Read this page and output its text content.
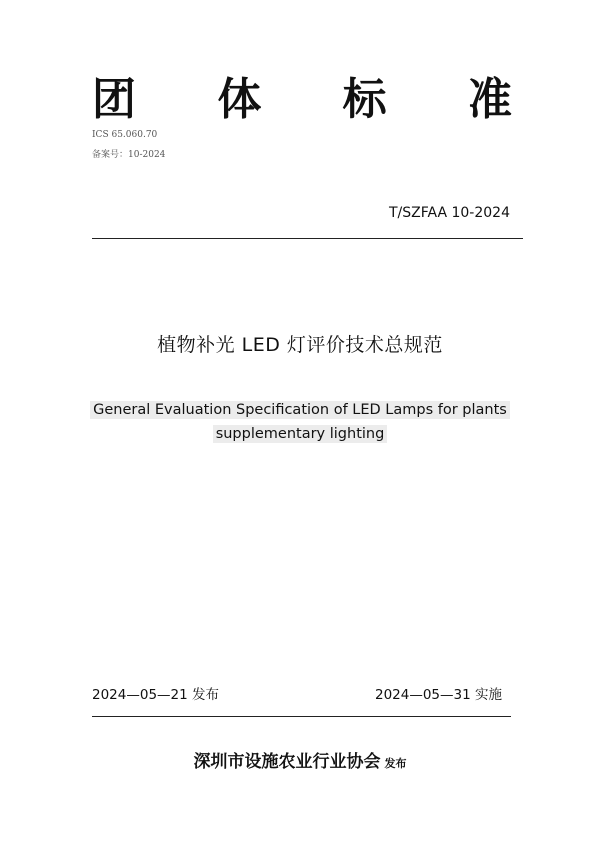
团 体 标 准
ICS 65.060.70
备案号：10-2024
T/SZFAA 10-2024
植物补光 LED 灯评价技术总规范
General Evaluation Specification of LED Lamps for plants
supplementary lighting
2024—05—21 发布	2024—05—31 实施
深圳市设施农业行业协会 发布
